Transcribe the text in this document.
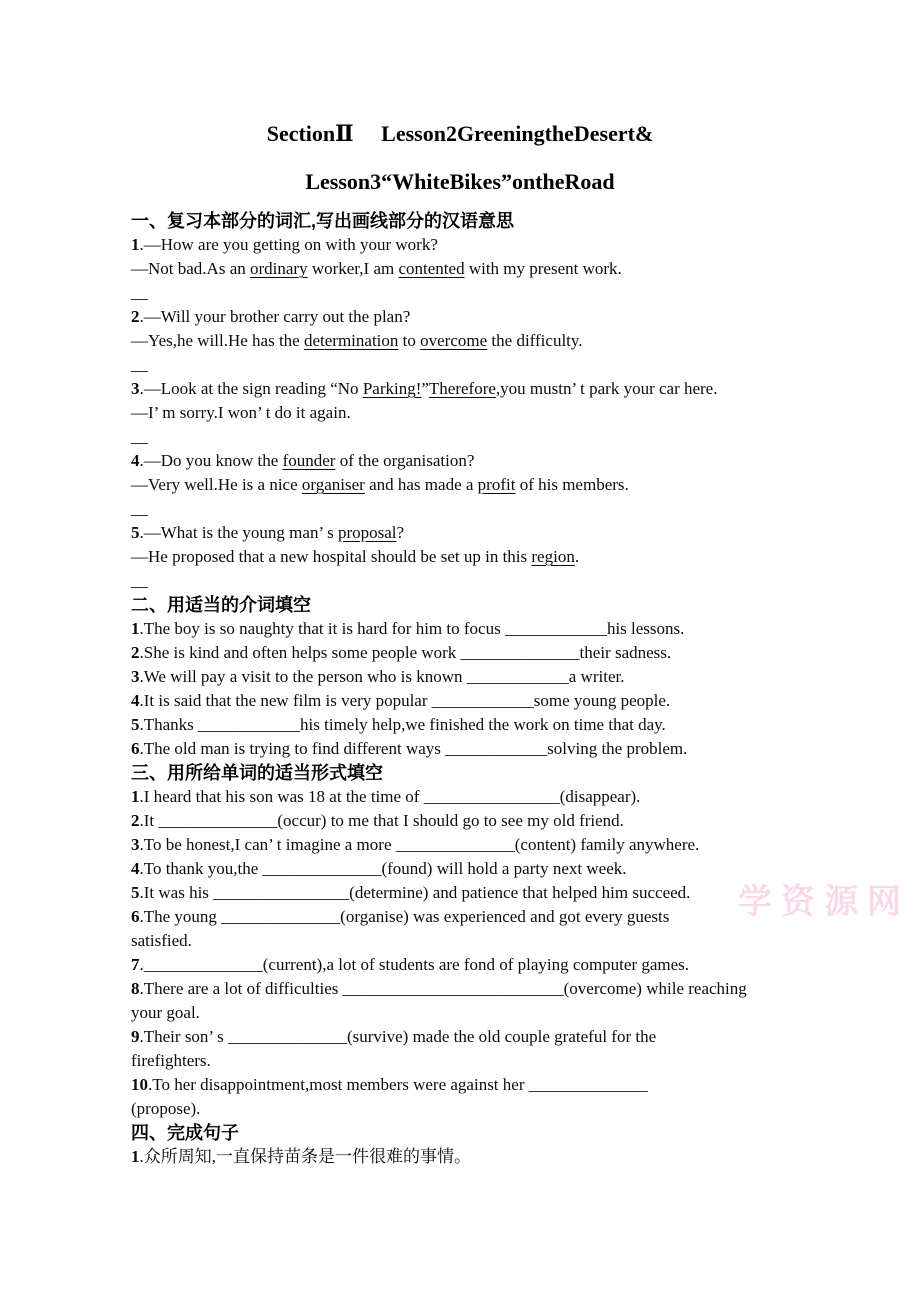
学资源网
SectionⅡ　 Lesson2GreeningtheDesert&
Lesson3“WhiteBikes”ontheRoad
一、复习本部分的词汇,写出画线部分的汉语意思
1.—How are you getting on with your work?
—Not bad.As an ordinary worker,I am contented with my present work.
__
2.—Will your brother carry out the plan?
—Yes,he will.He has the determination to overcome the difficulty.
__
3.—Look at the sign reading “No Parking!”Therefore,you mustn’ t park your car here.
—I’ m sorry.I won’ t do it again.
__
4.—Do you know the founder of the organisation?
—Very well.He is a nice organiser and has made a profit of his members.
__
5.—What is the young man’ s proposal?
—He proposed that a new hospital should be set up in this region.
__
二、用适当的介词填空
1.The boy is so naughty that it is hard for him to focus ____________his lessons.
2.She is kind and often helps some people work ______________their sadness.
3.We will pay a visit to the person who is known ____________a writer.
4.It is said that the new film is very popular ____________some young people.
5.Thanks ____________his timely help,we finished the work on time that day.
6.The old man is trying to find different ways ____________solving the problem.
三、用所给单词的适当形式填空
1.I heard that his son was 18 at the time of ________________(disappear).
2.It ______________(occur) to me that I should go to see my old friend.
3.To be honest,I can’ t imagine a more ______________(content) family anywhere.
4.To thank you,the ______________(found) will hold a party next week.
5.It was his ________________(determine) and patience that helped him succeed.
6.The young ______________(organise) was experienced and got every guests
satisfied.
7.______________(current),a lot of students are fond of playing computer games.
8.There are a lot of difficulties __________________________(overcome) while reaching
your goal.
9.Their son’ s ______________(survive) made the old couple grateful for the
firefighters.
10.To her disappointment,most members were against her ______________
(propose).
四、完成句子
1.众所周知,一直保持苗条是一件很难的事情。
